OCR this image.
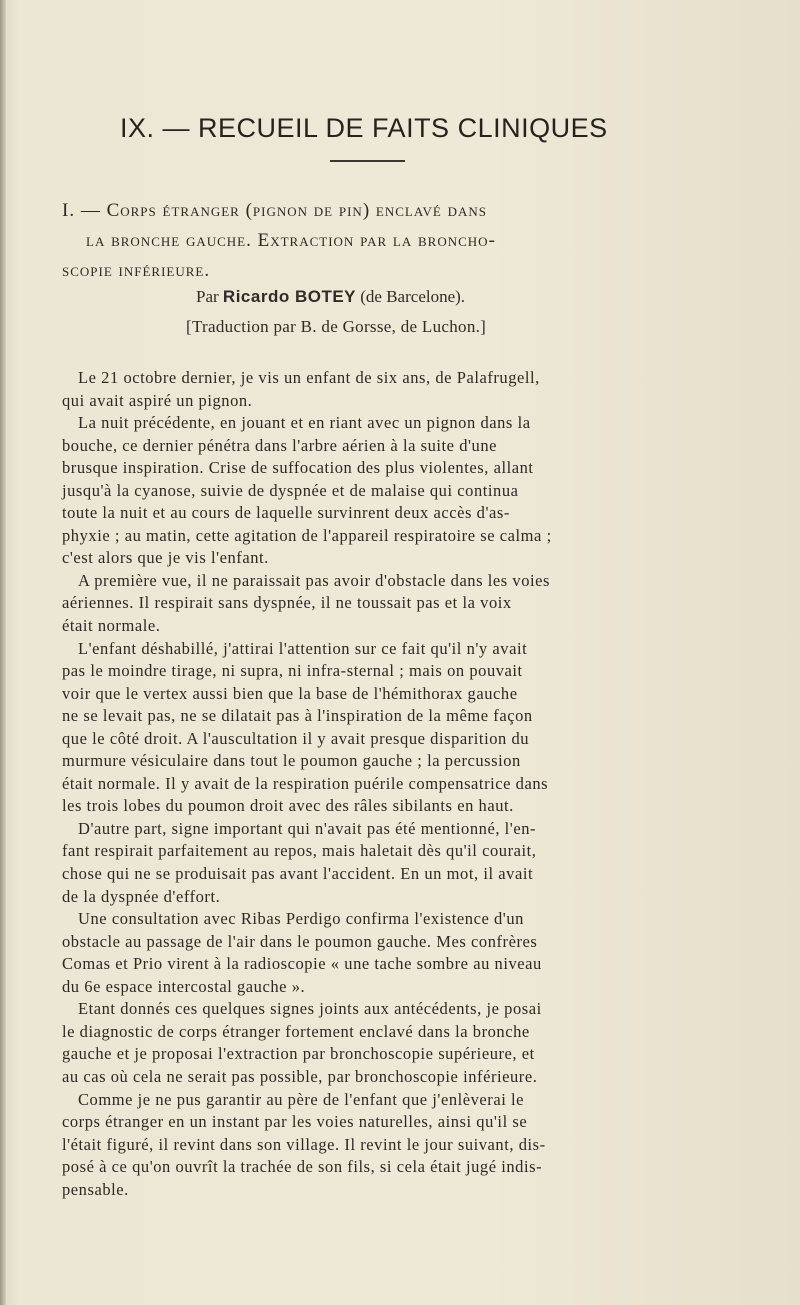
IX. — RECUEIL DE FAITS CLINIQUES
I. — Corps étranger (pignon de pin) enclavé dans
la bronche gauche. Extraction par la broncho-
scopie inférieure.
Par Ricardo BOTEY (de Barcelone).
[Traduction par B. de Gorsse, de Luchon.]
Le 21 octobre dernier, je vis un enfant de six ans, de Palafrugell,
qui avait aspiré un pignon.
La nuit précédente, en jouant et en riant avec un pignon dans la
bouche, ce dernier pénétra dans l'arbre aérien à la suite d'une
brusque inspiration. Crise de suffocation des plus violentes, allant
jusqu'à la cyanose, suivie de dyspnée et de malaise qui continua
toute la nuit et au cours de laquelle survinrent deux accès d'as-
phyxie ; au matin, cette agitation de l'appareil respiratoire se calma ;
c'est alors que je vis l'enfant.
A première vue, il ne paraissait pas avoir d'obstacle dans les voies
aériennes. Il respirait sans dyspnée, il ne toussait pas et la voix
était normale.
L'enfant déshabillé, j'attirai l'attention sur ce fait qu'il n'y avait
pas le moindre tirage, ni supra, ni infra-sternal ; mais on pouvait
voir que le vertex aussi bien que la base de l'hémithorax gauche
ne se levait pas, ne se dilatait pas à l'inspiration de la même façon
que le côté droit. A l'auscultation il y avait presque disparition du
murmure vésiculaire dans tout le poumon gauche ; la percussion
était normale. Il y avait de la respiration puérile compensatrice dans
les trois lobes du poumon droit avec des râles sibilants en haut.
D'autre part, signe important qui n'avait pas été mentionné, l'en-
fant respirait parfaitement au repos, mais haletait dès qu'il courait,
chose qui ne se produisait pas avant l'accident. En un mot, il avait
de la dyspnée d'effort.
Une consultation avec Ribas Perdigo confirma l'existence d'un
obstacle au passage de l'air dans le poumon gauche. Mes confrères
Comas et Prio virent à la radioscopie « une tache sombre au niveau
du 6e espace intercostal gauche ».
Etant donnés ces quelques signes joints aux antécédents, je posai
le diagnostic de corps étranger fortement enclavé dans la bronche
gauche et je proposai l'extraction par bronchoscopie supérieure, et
au cas où cela ne serait pas possible, par bronchoscopie inférieure.
Comme je ne pus garantir au père de l'enfant que j'enlèverai le
corps étranger en un instant par les voies naturelles, ainsi qu'il se
l'était figuré, il revint dans son village. Il revint le jour suivant, dis-
posé à ce qu'on ouvrît la trachée de son fils, si cela était jugé indis-
pensable.
